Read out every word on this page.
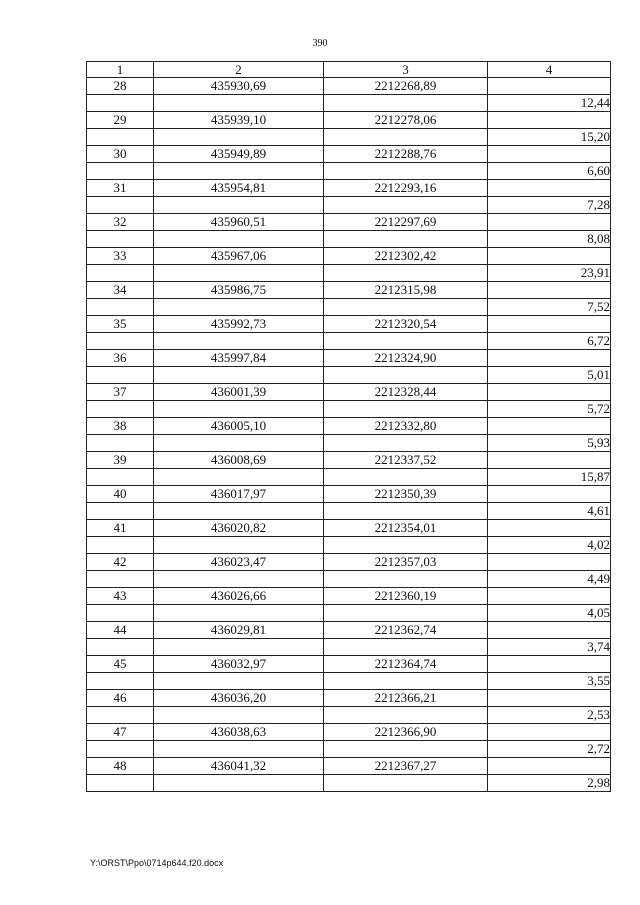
390
1	2	3	4
28	435930,69	2212268,89	
			12,44
29	435939,10	2212278,06	
			15,20
30	435949,89	2212288,76	
			6,60
31	435954,81	2212293,16	
			7,28
32	435960,51	2212297,69	
			8,08
33	435967,06	2212302,42	
			23,91
34	435986,75	2212315,98	
			7,52
35	435992,73	2212320,54	
			6,72
36	435997,84	2212324,90	
			5,01
37	436001,39	2212328,44	
			5,72
38	436005,10	2212332,80	
			5,93
39	436008,69	2212337,52	
			15,87
40	436017,97	2212350,39	
			4,61
41	436020,82	2212354,01	
			4,02
42	436023,47	2212357,03	
			4,49
43	436026,66	2212360,19	
			4,05
44	436029,81	2212362,74	
			3,74
45	436032,97	2212364,74	
			3,55
46	436036,20	2212366,21	
			2,53
47	436038,63	2212366,90	
			2,72
48	436041,32	2212367,27	
			2,98
Y:\ORST\Ppo\0714p644.f20.docx
